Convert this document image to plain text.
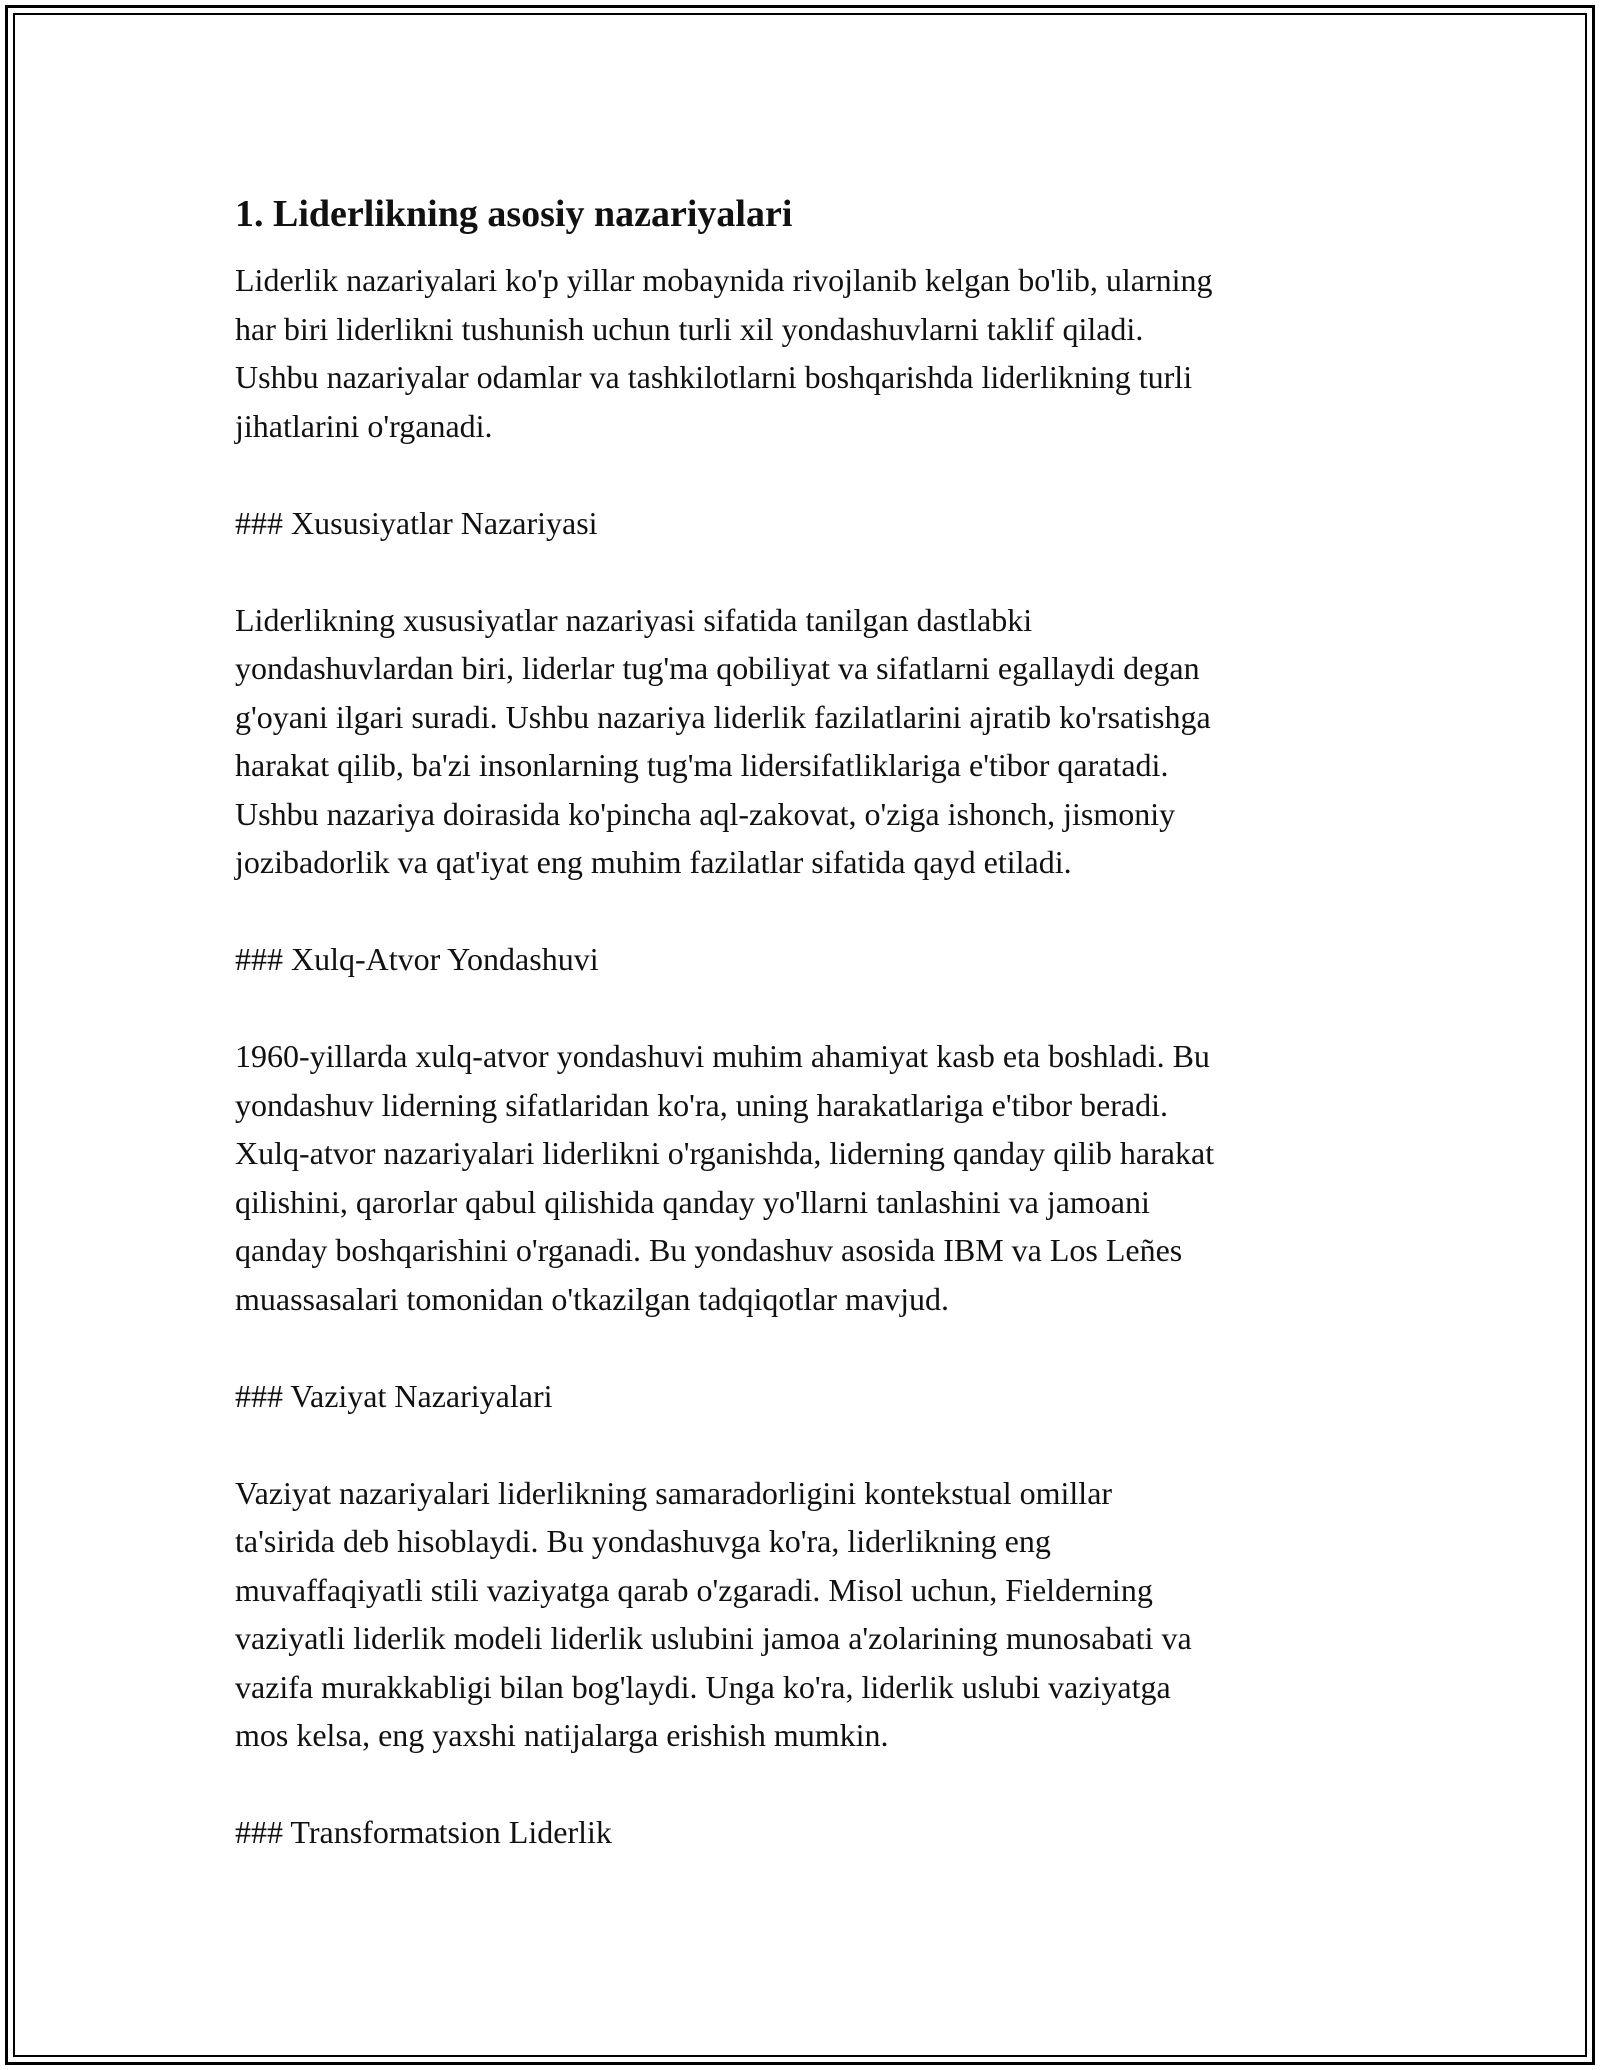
1. Liderlikning asosiy nazariyalari

Liderlik nazariyalari ko'p yillar mobaynida rivojlanib kelgan bo'lib, ularning
har biri liderlikni tushunish uchun turli xil yondashuvlarni taklif qiladi.
Ushbu nazariyalar odamlar va tashkilotlarni boshqarishda liderlikning turli
jihatlarini o'rganadi.

### Xususiyatlar Nazariyasi

Liderlikning xususiyatlar nazariyasi sifatida tanilgan dastlabki
yondashuvlardan biri, liderlar tug'ma qobiliyat va sifatlarni egallaydi degan
g'oyani ilgari suradi. Ushbu nazariya liderlik fazilatlarini ajratib ko'rsatishga
harakat qilib, ba'zi insonlarning tug'ma lidersifatliklariga e'tibor qaratadi.
Ushbu nazariya doirasida ko'pincha aql-zakovat, o'ziga ishonch, jismoniy
jozibadorlik va qat'iyat eng muhim fazilatlar sifatida qayd etiladi.

### Xulq-Atvor Yondashuvi

1960-yillarda xulq-atvor yondashuvi muhim ahamiyat kasb eta boshladi. Bu
yondashuv liderning sifatlaridan ko'ra, uning harakatlariga e'tibor beradi.
Xulq-atvor nazariyalari liderlikni o'rganishda, liderning qanday qilib harakat
qilishini, qarorlar qabul qilishida qanday yo'llarni tanlashini va jamoani
qanday boshqarishini o'rganadi. Bu yondashuv asosida IBM va Los Leñes
muassasalari tomonidan o'tkazilgan tadqiqotlar mavjud.

### Vaziyat Nazariyalari

Vaziyat nazariyalari liderlikning samaradorligini kontekstual omillar
ta'sirida deb hisoblaydi. Bu yondashuvga ko'ra, liderlikning eng
muvaffaqiyatli stili vaziyatga qarab o'zgaradi. Misol uchun, Fielderning
vaziyatli liderlik modeli liderlik uslubini jamoa a'zolarining munosabati va
vazifa murakkabligi bilan bog'laydi. Unga ko'ra, liderlik uslubi vaziyatga
mos kelsa, eng yaxshi natijalarga erishish mumkin.

### Transformatsion Liderlik
